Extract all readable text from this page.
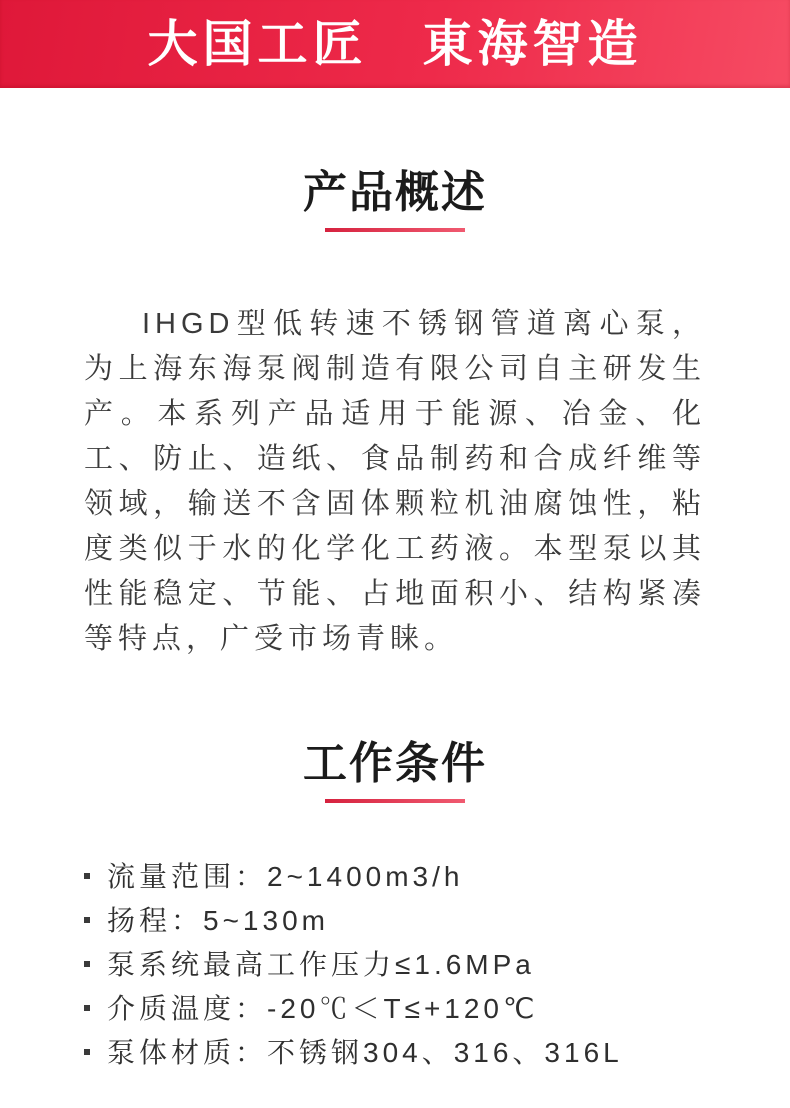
大国工匠　東海智造
产品概述

IHGD型低转速不锈钢管道离心泵，为上海东海泵阀制造有限公司自主研发生产。本系列产品适用于能源、冶金、化工、防止、造纸、食品制药和合成纤维等领域，输送不含固体颗粒机油腐蚀性，粘度类似于水的化学化工药液。本型泵以其性能稳定、节能、占地面积小、结构紧凑等特点，广受市场青睐。

工作条件
流量范围：2~1400m3/h
扬程：5~130m
泵系统最高工作压力≤1.6MPa
介质温度：-20℃＜T≤+120℃
泵体材质：不锈钢304、316、316L
